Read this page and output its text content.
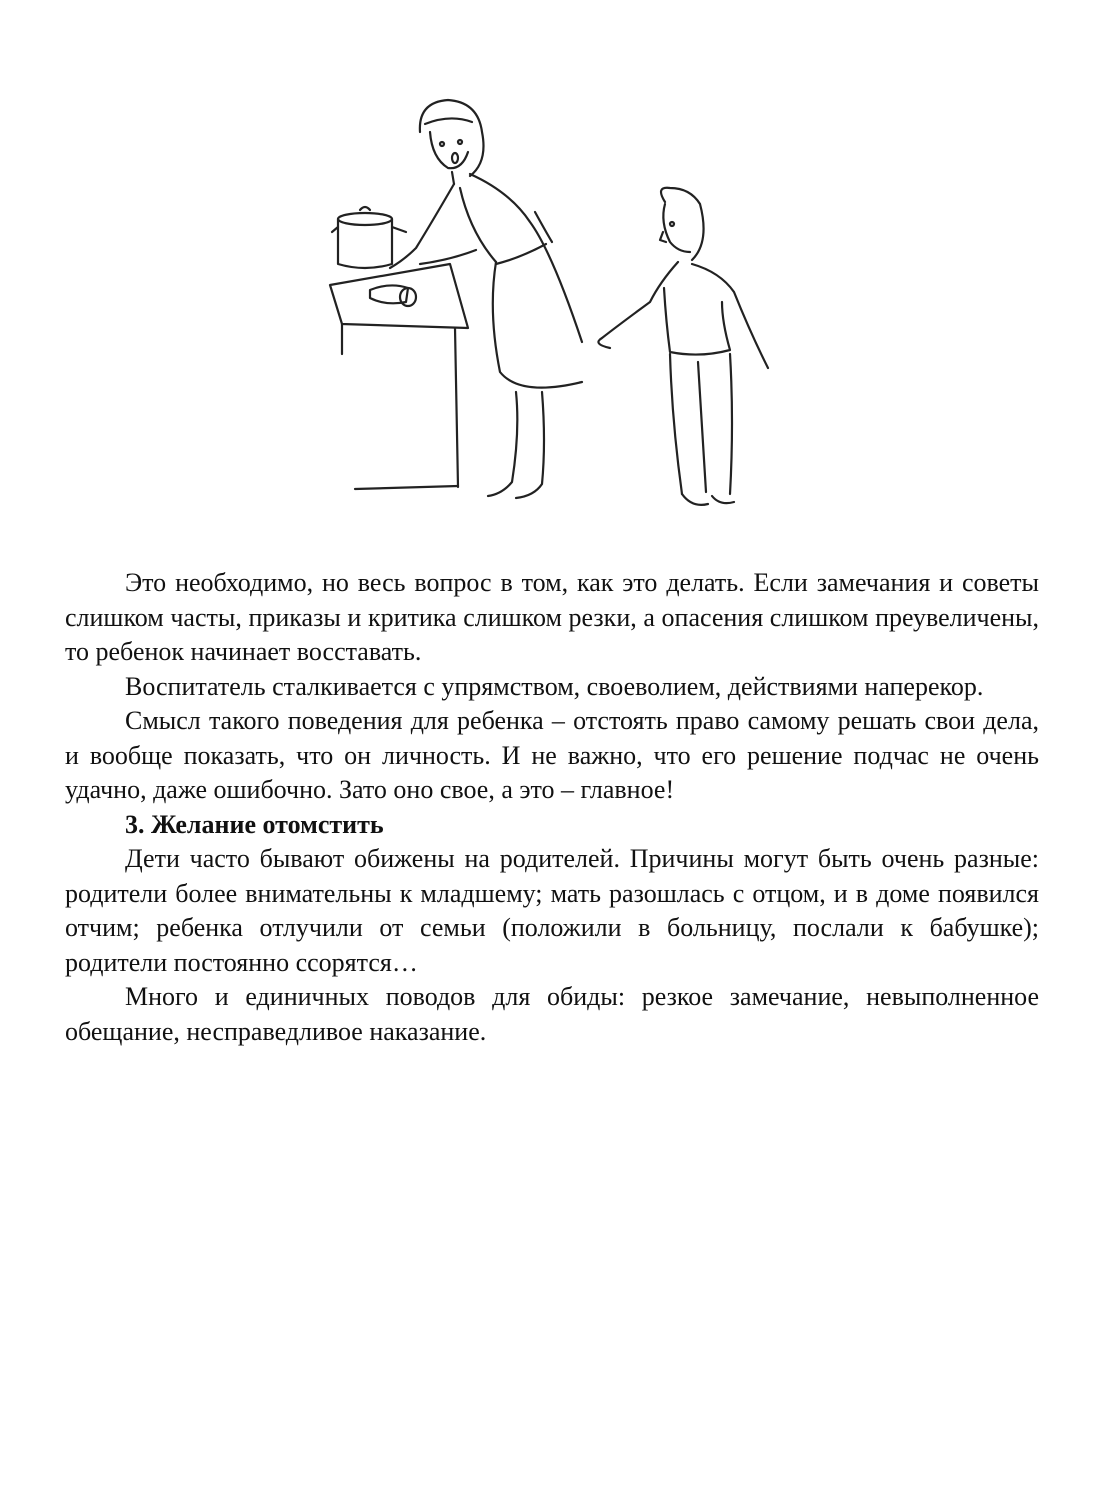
Это необходимо, но весь вопрос в том, как это делать. Если замечания и советы слишком часты, приказы и критика слишком резки, а опасения слишком преувеличены, то ребенок начинает восставать.

Воспитатель сталкивается с упрямством, своеволием, действиями наперекор.

Смысл такого поведения для ребенка – отстоять право самому решать свои дела, и вообще показать, что он личность. И не важно, что его решение подчас не очень удачно, даже ошибочно. Зато оно свое, а это – главное!

3. Желание отомстить

Дети часто бывают обижены на родителей. Причины могут быть очень разные: родители более внимательны к младшему; мать разошлась с отцом, и в доме появился отчим; ребенка отлучили от семьи (положили в больницу, послали к бабушке); родители постоянно ссорятся…

Много и единичных поводов для обиды: резкое замечание, невыполненное обещание, несправедливое наказание.
